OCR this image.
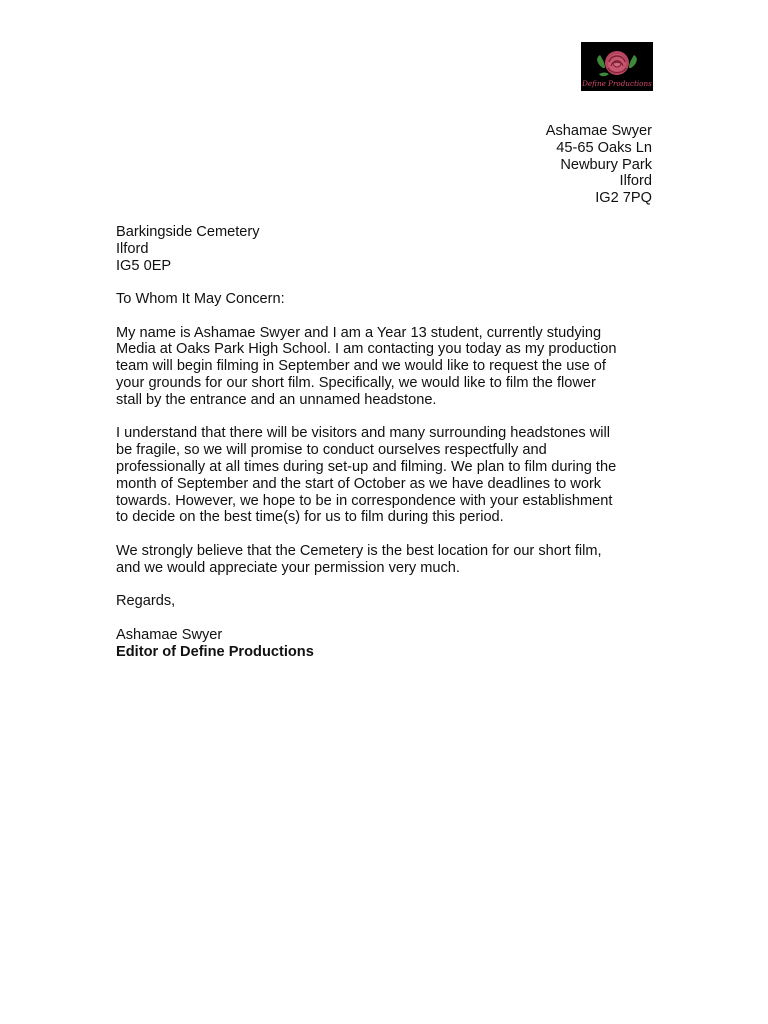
Define Productions
Ashamae Swyer
45-65 Oaks Ln
Newbury Park
Ilford
IG2 7PQ
Barkingside Cemetery
Ilford
IG5 0EP

To Whom It May Concern:

My name is Ashamae Swyer and I am a Year 13 student, currently studying
Media at Oaks Park High School. I am contacting you today as my production
team will begin filming in September and we would like to request the use of
your grounds for our short film. Specifically, we would like to film the flower
stall by the entrance and an unnamed headstone.

I understand that there will be visitors and many surrounding headstones will
be fragile, so we will promise to conduct ourselves respectfully and
professionally at all times during set-up and filming. We plan to film during the
month of September and the start of October as we have deadlines to work
towards. However, we hope to be in correspondence with your establishment
to decide on the best time(s) for us to film during this period.

We strongly believe that the Cemetery is the best location for our short film,
and we would appreciate your permission very much.

Regards,

Ashamae Swyer
Editor of Define Productions
